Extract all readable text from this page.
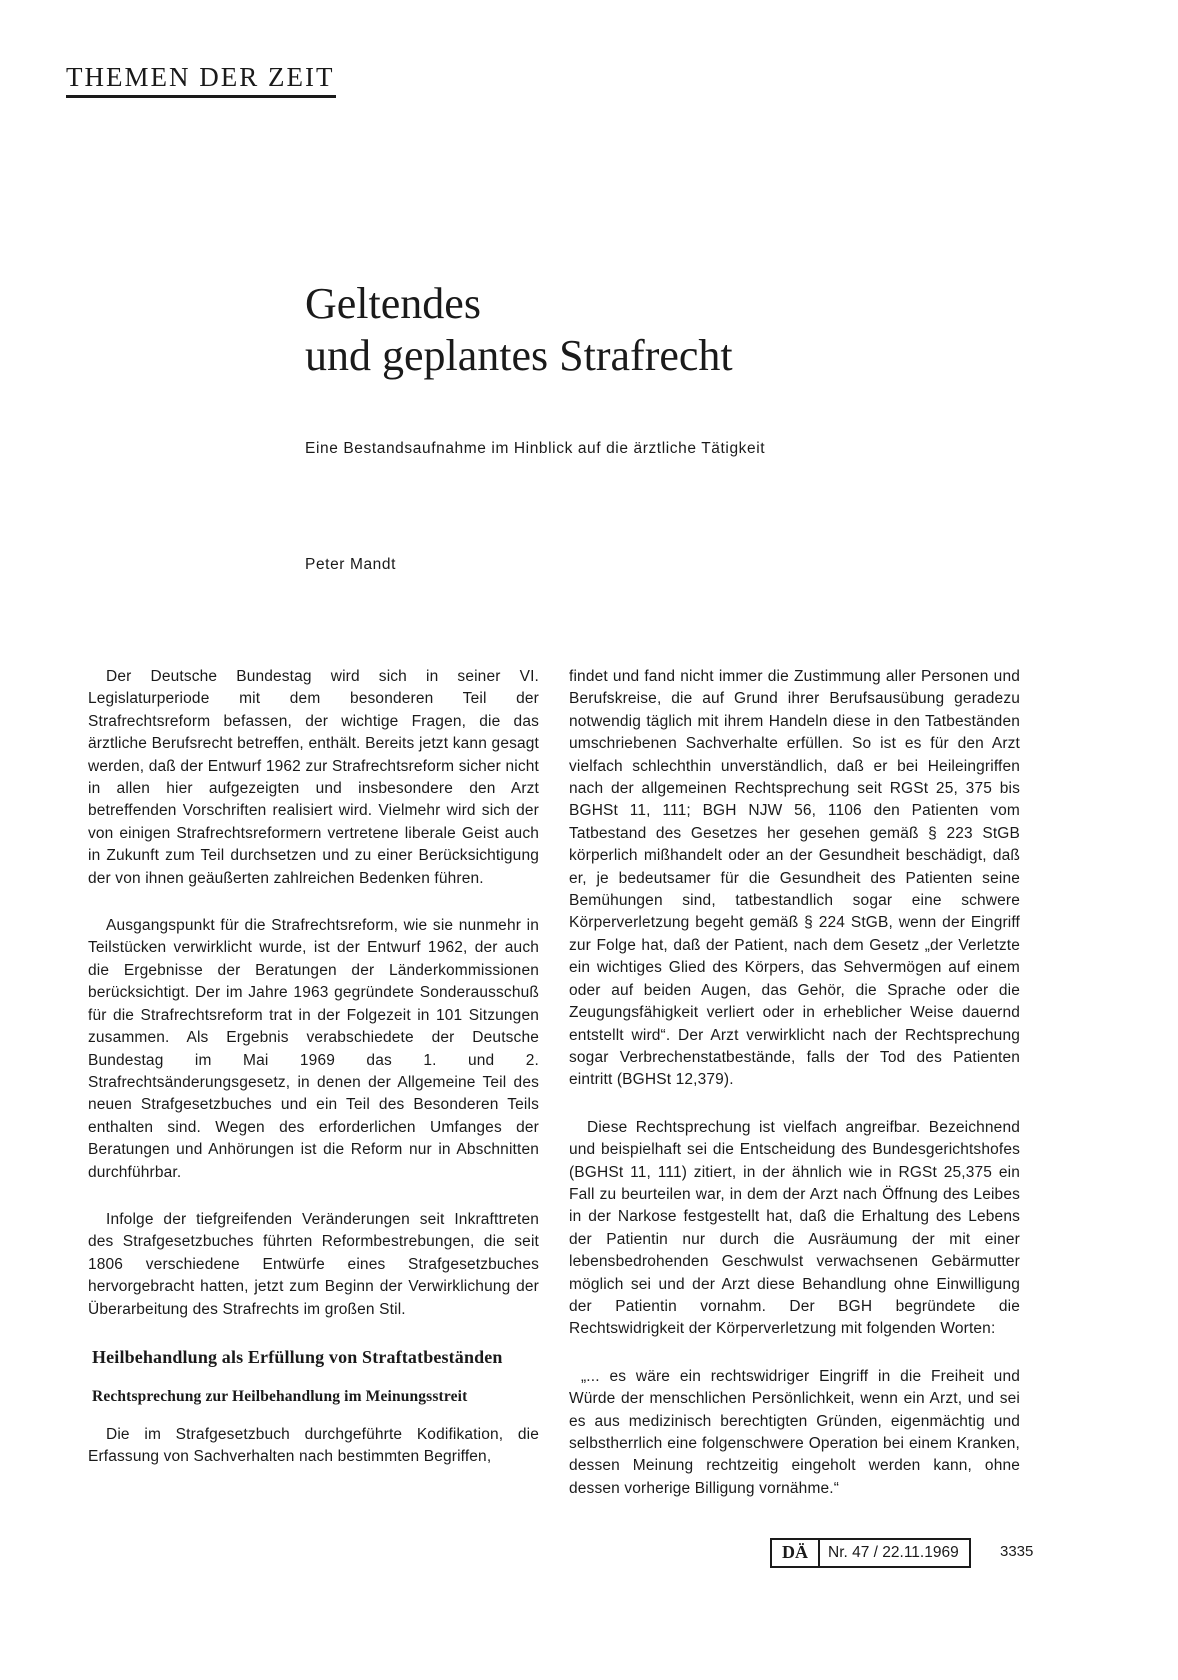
THEMEN DER ZEIT
Geltendes
und geplantes Strafrecht
Eine Bestandsaufnahme im Hinblick auf die ärztliche Tätigkeit
Peter Mandt

Der Deutsche Bundestag wird sich in seiner VI. Legislaturperiode mit dem besonderen Teil der Strafrechtsreform befassen, der wichtige Fragen, die das ärztliche Berufsrecht betreffen, enthält. Bereits jetzt kann gesagt werden, daß der Entwurf 1962 zur Strafrechtsreform sicher nicht in allen hier aufgezeigten und insbesondere den Arzt betreffenden Vorschriften realisiert wird. Vielmehr wird sich der von einigen Strafrechtsreformern vertretene liberale Geist auch in Zukunft zum Teil durchsetzen und zu einer Berücksichtigung der von ihnen geäußerten zahlreichen Bedenken führen.

Ausgangspunkt für die Strafrechtsreform, wie sie nunmehr in Teilstücken verwirklicht wurde, ist der Entwurf 1962, der auch die Ergebnisse der Beratungen der Länderkommissionen berücksichtigt. Der im Jahre 1963 gegründete Sonderausschuß für die Strafrechtsreform trat in der Folgezeit in 101 Sitzungen zusammen. Als Ergebnis verabschiedete der Deutsche Bundestag im Mai 1969 das 1. und 2. Strafrechtsänderungsgesetz, in denen der Allgemeine Teil des neuen Strafgesetzbuches und ein Teil des Besonderen Teils enthalten sind. Wegen des erforderlichen Umfanges der Beratungen und Anhörungen ist die Reform nur in Abschnitten durchführbar.

Infolge der tiefgreifenden Veränderungen seit Inkrafttreten des Strafgesetzbuches führten Reformbestrebungen, die seit 1806 verschiedene Entwürfe eines Strafgesetzbuches hervorgebracht hatten, jetzt zum Beginn der Verwirklichung der Überarbeitung des Strafrechts im großen Stil.

Heilbehandlung als Erfüllung von Straftatbeständen
Rechtsprechung zur Heilbehandlung im Meinungsstreit

Die im Strafgesetzbuch durchgeführte Kodifikation, die Erfassung von Sachverhalten nach bestimmten Begriffen,

findet und fand nicht immer die Zustimmung aller Personen und Berufskreise, die auf Grund ihrer Berufsausübung geradezu notwendig täglich mit ihrem Handeln diese in den Tatbeständen umschriebenen Sachverhalte erfüllen. So ist es für den Arzt vielfach schlechthin unverständlich, daß er bei Heileingriffen nach der allgemeinen Rechtsprechung seit RGSt 25, 375 bis BGHSt 11, 111; BGH NJW 56, 1106 den Patienten vom Tatbestand des Gesetzes her gesehen gemäß § 223 StGB körperlich mißhandelt oder an der Gesundheit beschädigt, daß er, je bedeutsamer für die Gesundheit des Patienten seine Bemühungen sind, tatbestandlich sogar eine schwere Körperverletzung begeht gemäß § 224 StGB, wenn der Eingriff zur Folge hat, daß der Patient, nach dem Gesetz „der Verletzte ein wichtiges Glied des Körpers, das Sehvermögen auf einem oder auf beiden Augen, das Gehör, die Sprache oder die Zeugungsfähigkeit verliert oder in erheblicher Weise dauernd entstellt wird“. Der Arzt verwirklicht nach der Rechtsprechung sogar Verbrechenstatbestände, falls der Tod des Patienten eintritt (BGHSt 12,379).

Diese Rechtsprechung ist vielfach angreifbar. Bezeichnend und beispielhaft sei die Entscheidung des Bundesgerichtshofes (BGHSt 11, 111) zitiert, in der ähnlich wie in RGSt 25,375 ein Fall zu beurteilen war, in dem der Arzt nach Öffnung des Leibes in der Narkose festgestellt hat, daß die Erhaltung des Lebens der Patientin nur durch die Ausräumung der mit einer lebensbedrohenden Geschwulst verwachsenen Gebärmutter möglich sei und der Arzt diese Behandlung ohne Einwilligung der Patientin vornahm. Der BGH begründete die Rechtswidrigkeit der Körperverletzung mit folgenden Worten:

„... es wäre ein rechtswidriger Eingriff in die Freiheit und Würde der menschlichen Persönlichkeit, wenn ein Arzt, und sei es aus medizinisch berechtigten Gründen, eigenmächtig und selbstherrlich eine folgenschwere Operation bei einem Kranken, dessen Meinung rechtzeitig eingeholt werden kann, ohne dessen vorherige Billigung vornähme.“

DÄ	Nr. 47 / 22.11.1969	3335
